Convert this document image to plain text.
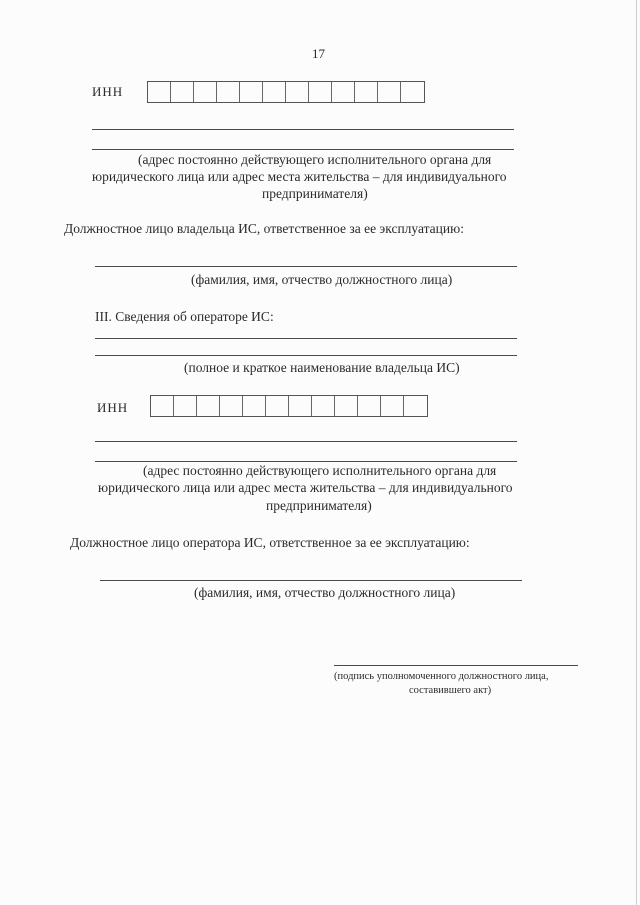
17
ИНН
(адрес постоянно действующего исполнительного органа для
юридического лица или адрес места жительства – для индивидуального
предпринимателя)
Должностное лицо владельца ИС, ответственное за ее эксплуатацию:
(фамилия, имя, отчество должностного лица)
III. Сведения об операторе ИС:
(полное и краткое наименование владельца ИС)
ИНН
(адрес постоянно действующего исполнительного органа для
юридического лица или адрес места жительства – для индивидуального
предпринимателя)
Должностное лицо оператора ИС, ответственное за ее эксплуатацию:
(фамилия, имя, отчество должностного лица)
(подпись уполномоченного должностного лица,
составившего акт)
